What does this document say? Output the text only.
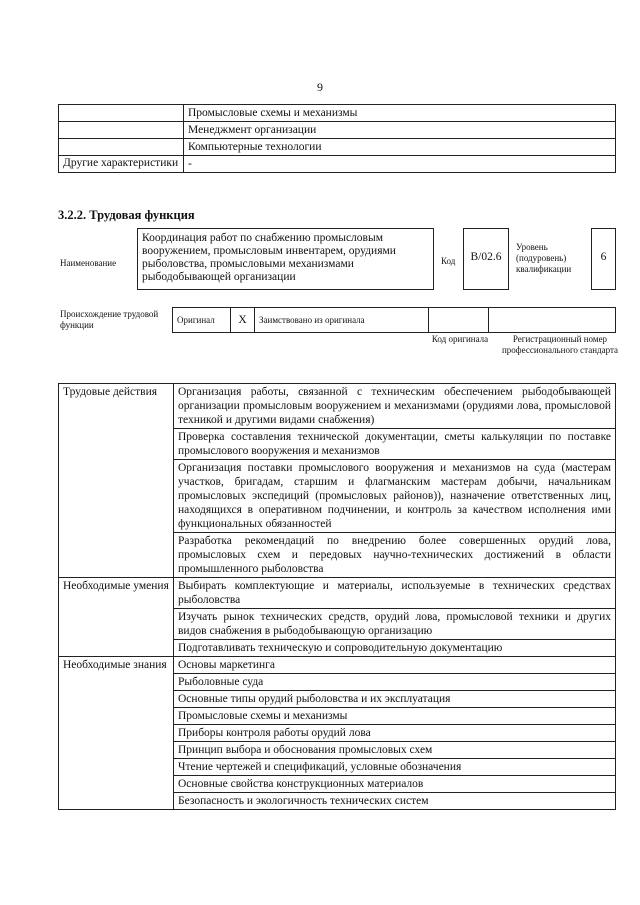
9
	Промысловые схемы и механизмы
	Менеджмент организации
	Компьютерные технологии
Другие характеристики	-
3.2.2. Трудовая функция
Наименование
Координация работ по снабжению промысловым вооружением, промысловым инвентарем, орудиями рыболовства, промысловыми механизмами рыбодобывающей организации
Код	В/02.6
Уровень (подуровень) квалификации
6
Происхождение трудовой функции	Оригинал	X	Заимствовано из оригинала
Код оригинала	Регистрационный номер профессионального стандарта
Трудовые действия	Организация работы, связанной с техническим обеспечением рыбодобывающей организации промысловым вооружением и механизмами (орудиями лова, промысловой техникой и другими видами снабжения)
	Проверка составления технической документации, сметы калькуляции по поставке промыслового вооружения и механизмов
	Организация поставки промыслового вооружения и механизмов на суда (мастерам участков, бригадам, старшим и флагманским мастерам добычи, начальникам промысловых экспедиций (промысловых районов)), назначение ответственных лиц, находящихся в оперативном подчинении, и контроль за качеством исполнения ими функциональных обязанностей
	Разработка рекомендаций по внедрению более совершенных орудий лова, промысловых схем и передовых научно-технических достижений в области промышленного рыболовства
Необходимые умения	Выбирать комплектующие и материалы, используемые в технических средствах рыболовства
	Изучать рынок технических средств, орудий лова, промысловой техники и других видов снабжения в рыбодобывающую организацию
	Подготавливать техническую и сопроводительную документацию
Необходимые знания	Основы маркетинга
	Рыболовные суда
	Основные типы орудий рыболовства и их эксплуатация
	Промысловые схемы и механизмы
	Приборы контроля работы орудий лова
	Принцип выбора и обоснования промысловых схем
	Чтение чертежей и спецификаций, условные обозначения
	Основные свойства конструкционных материалов
	Безопасность и экологичность технических систем
